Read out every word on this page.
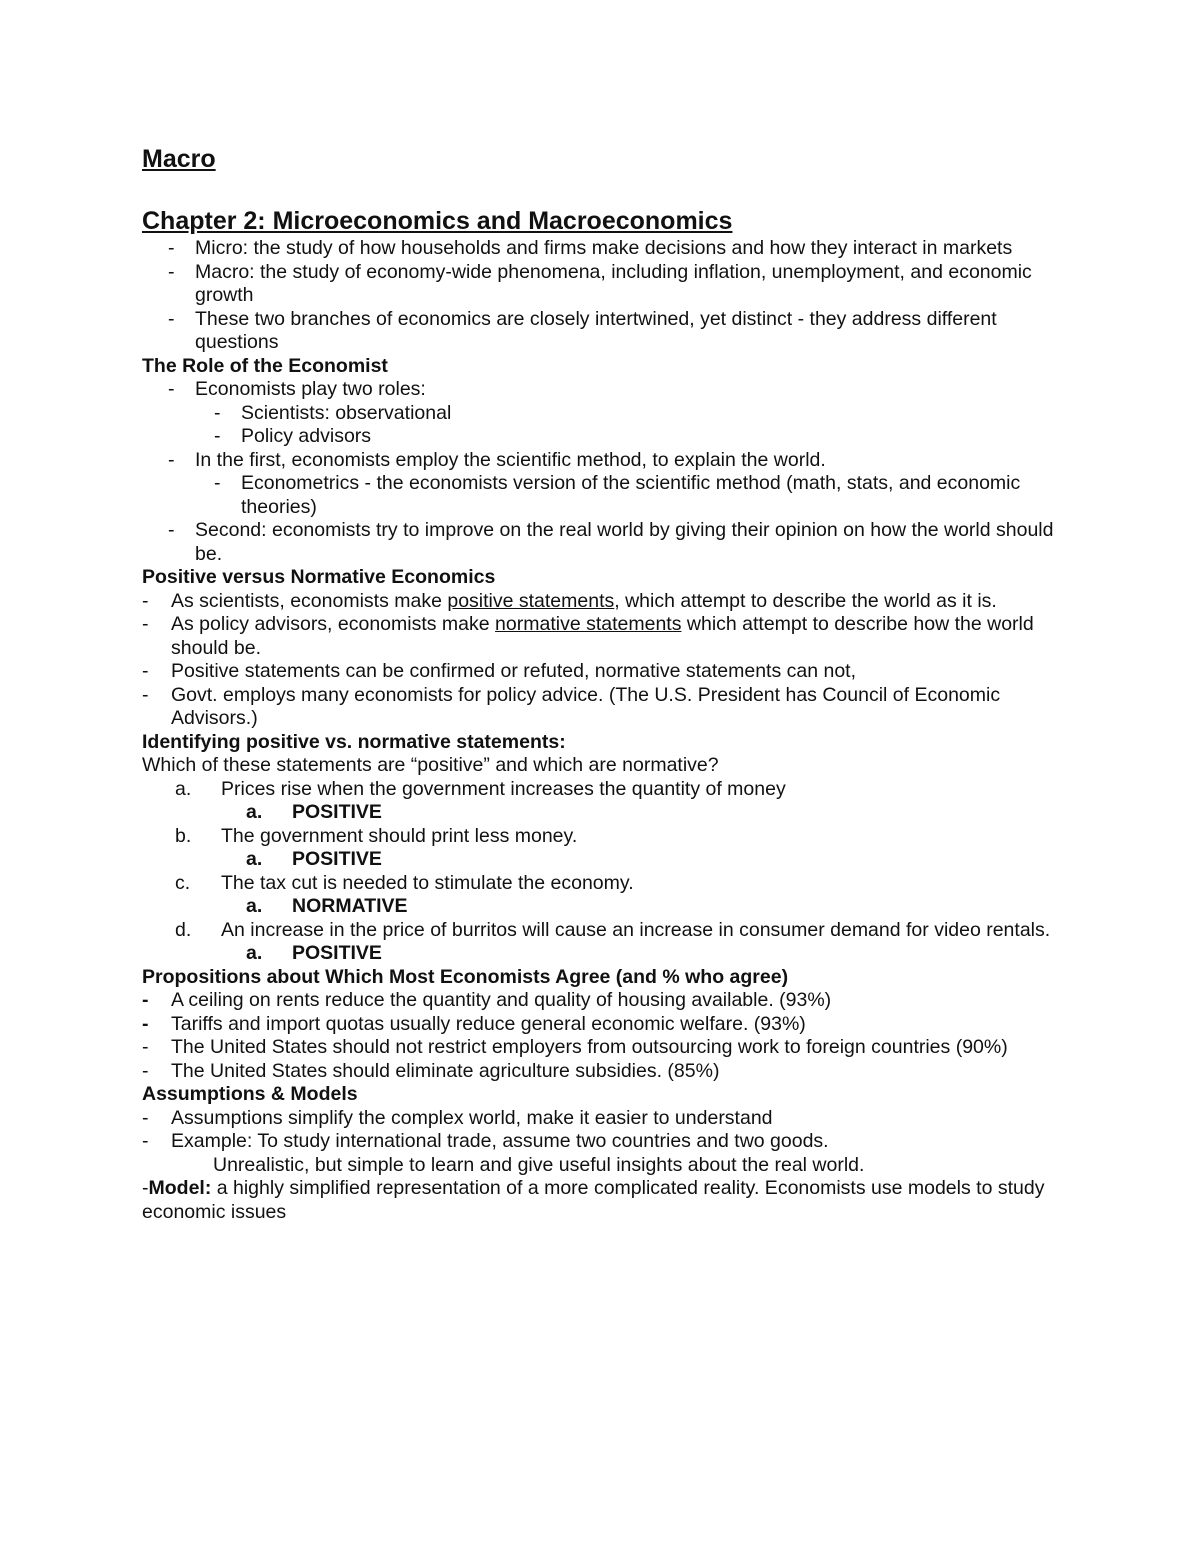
Macro

Chapter 2: Microeconomics and Macroeconomics

- Micro: the study of how households and firms make decisions and how they interact in markets
- Macro: the study of economy-wide phenomena, including inflation, unemployment, and economic growth
- These two branches of economics are closely intertwined, yet distinct - they address different questions

The Role of the Economist

- Economists play two roles:
- Scientists: observational
- Policy advisors
- In the first, economists employ the scientific method, to explain the world.
- Econometrics - the economists version of the scientific method (math, stats, and economic theories)
- Second: economists try to improve on the real world by giving their opinion on how the world should be.

Positive versus Normative Economics

- As scientists, economists make positive statements, which attempt to describe the world as it is.
- As policy advisors, economists make normative statements which attempt to describe how the world should be.
- Positive statements can be confirmed or refuted, normative statements can not,
- Govt. employs many economists for policy advice. (The U.S. President has Council of Economic Advisors.)

Identifying positive vs. normative statements:

Which of these statements are “positive” and which are normative?

a. Prices rise when the government increases the quantity of money
a. POSITIVE
b. The government should print less money.
a. POSITIVE
c. The tax cut is needed to stimulate the economy.
a. NORMATIVE
d. An increase in the price of burritos will cause an increase in consumer demand for video rentals.
a. POSITIVE

Propositions about Which Most Economists Agree (and % who agree)

- A ceiling on rents reduce the quantity and quality of housing available. (93%)
- Tariffs and import quotas usually reduce general economic welfare. (93%)
- The United States should not restrict employers from outsourcing work to foreign countries (90%)
- The United States should eliminate agriculture subsidies. (85%)

Assumptions & Models

- Assumptions simplify the complex world, make it easier to understand
- Example: To study international trade, assume two countries and two goods.

Unrealistic, but simple to learn and give useful insights about the real world.

-Model: a highly simplified representation of a more complicated reality. Economists use models to study economic issues
